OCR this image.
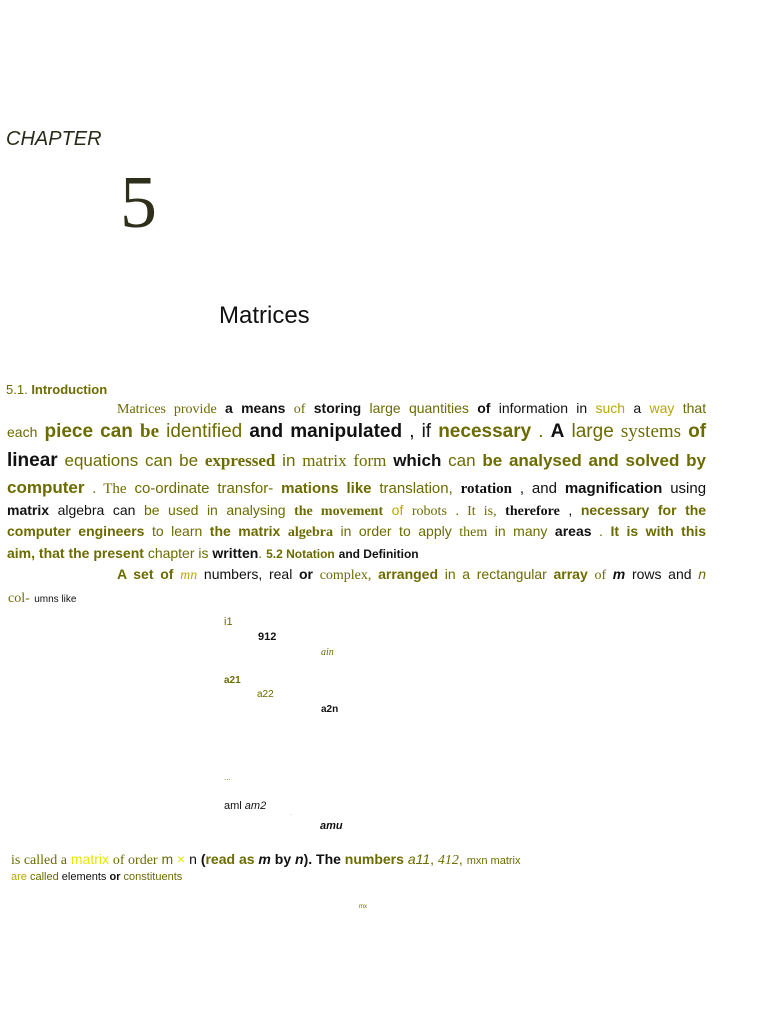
CHAPTER
5
Matrices
5.1. Introduction
Matrices provide a means of storing large quantities of information in such a way that
each piece can be identified and manipulated , if necessary . A large systems of
linear equations can be expressed in matrix form which can be analysed and solved by
computer . The co-ordinate transfor- mations like translation, rotation , and magnification using
matrix algebra can be used in analysing the movement of robots . It is, therefore , necessary for the
computer engineers to learn the matrix algebra in order to apply them in many areas . It is with this
aim, that the present chapter is written. 5.2 Notation and Definition
A set of mn numbers, real or complex, arranged in a rectangular array of m rows and n
col- umns like
i1
912
ain
a21
a22
a2n
...
aml am2
·
amu
is called a matrix of order m × n (read as m by n). The numbers a11, 412, mxn matrix
are called elements or constituents
mx
